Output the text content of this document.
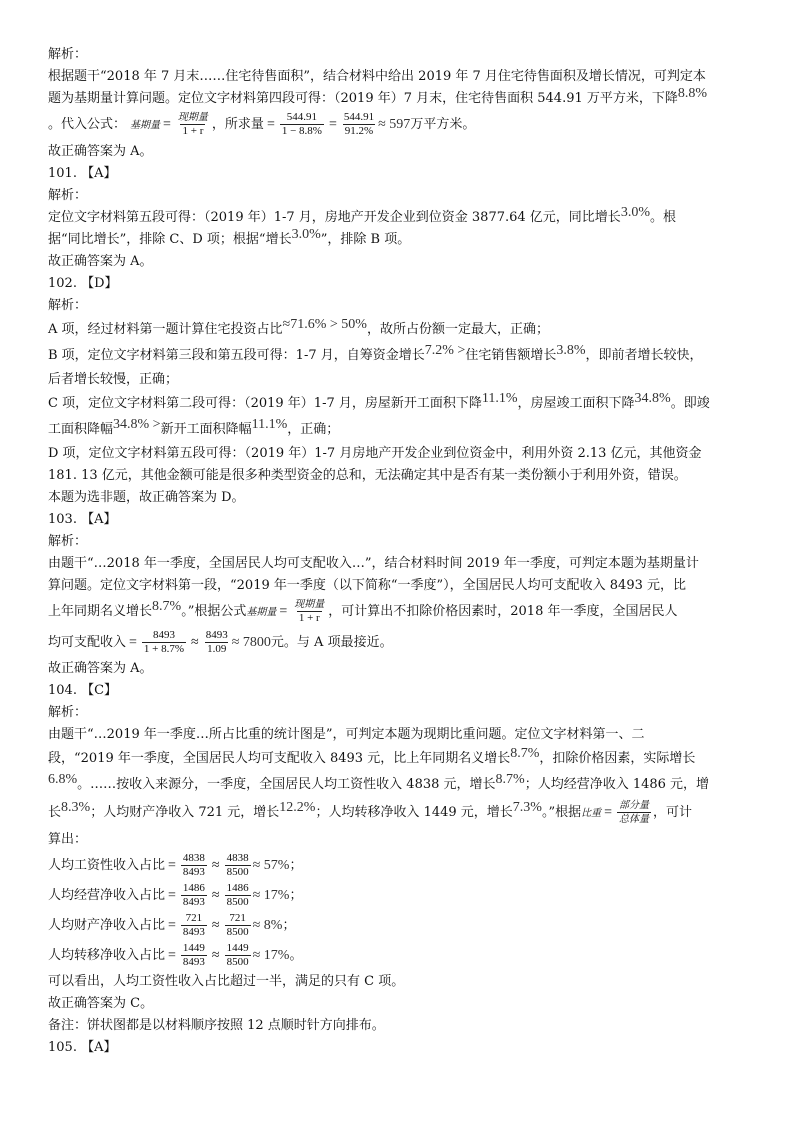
解析：
根据题干“2018 年 7 月末……住宅待售面积”，结合材料中给出 2019 年 7 月住宅待售面积及增长情况，可判定本
题为基期量计算问题。定位文字材料第四段可得：（2019 年）7 月末，住宅待售面积 544.91 万平方米，下降8.8%
。代入公式： 基期量 = $\frac{\text{现期量}}{1 + r}$ ，所求量 = $\frac{544.91}{1 - 8.8\%} = \frac{544.91}{91.2\%} \approx 597$万平方米。
故正确答案为 A。
101. 【A】
解析：
定位文字材料第五段可得：（2019 年）1-7 月，房地产开发企业到位资金 3877.64 亿元，同比增长3.0%。根
据“同比增长”，排除 C、D 项；根据“增长3.0%”，排除 B 项。
故正确答案为 A。
102. 【D】
解析：
A 项，经过材料第一题计算住宅投资占比≈71.6% > 50%，故所占份额一定最大，正确；
B 项，定位文字材料第三段和第五段可得：1-7 月，自筹资金增长7.2% >住宅销售额增长3.8%，即前者增长较快，
后者增长较慢，正确；
C 项，定位文字材料第二段可得：（2019 年）1-7 月，房屋新开工面积下降11.1%，房屋竣工面积下降34.8%。即竣
工面积降幅34.8% >新开工面积降幅11.1%，正确；
D 项，定位文字材料第五段可得：（2019 年）1-7 月房地产开发企业到位资金中，利用外资 2.13 亿元，其他资金
181. 13 亿元，其他金额可能是很多种类型资金的总和，无法确定其中是否有某一类份额小于利用外资，错误。
本题为选非题，故正确答案为 D。
103. 【A】
解析：
由题干“…2018 年一季度，全国居民人均可支配收入…”，结合材料时间 2019 年一季度，可判定本题为基期量计
算问题。定位文字材料第一段，“2019 年一季度（以下简称“一季度”），全国居民人均可支配收入 8493 元，比
上年同期名义增长8.7%。”根据公式基期量 = $\frac{\text{现期量}}{1 + r}$ ，可计算出不扣除价格因素时，2018 年一季度，全国居民人
均可支配收入 = $\frac{8493}{1 + 8.7\%} \approx \frac{8493}{1.09} \approx 7800$元。与 A 项最接近。
故正确答案为 A。
104. 【C】
解析：
由题干“…2019 年一季度…所占比重的统计图是”，可判定本题为现期比重问题。定位文字材料第一、二
段，“2019 年一季度，全国居民人均可支配收入 8493 元，比上年同期名义增长8.7%，扣除价格因素，实际增长
6.8%。……按收入来源分，一季度，全国居民人均工资性收入 4838 元，增长8.7%；人均经营净收入 1486 元，增
长8.3%；人均财产净收入 721 元，增长12.2%；人均转移净收入 1449 元，增长7.3%。”根据比重 = $\frac{\text{部分量}}{\text{总体量}}$ ，可计
算出：
人均工资性收入占比 = $\frac{4838}{8493} \approx \frac{4838}{8500} \approx 57\%$；
人均经营净收入占比 = $\frac{1486}{8493} \approx \frac{1486}{8500} \approx 17\%$；
人均财产净收入占比 = $\frac{721}{8493} \approx \frac{721}{8500} \approx 8\%$；
人均转移净收入占比 = $\frac{1449}{8493} \approx \frac{1449}{8500} \approx 17\%$。
可以看出，人均工资性收入占比超过一半，满足的只有 C 项。
故正确答案为 C。
备注：饼状图都是以材料顺序按照 12 点顺时针方向排布。
105. 【A】
